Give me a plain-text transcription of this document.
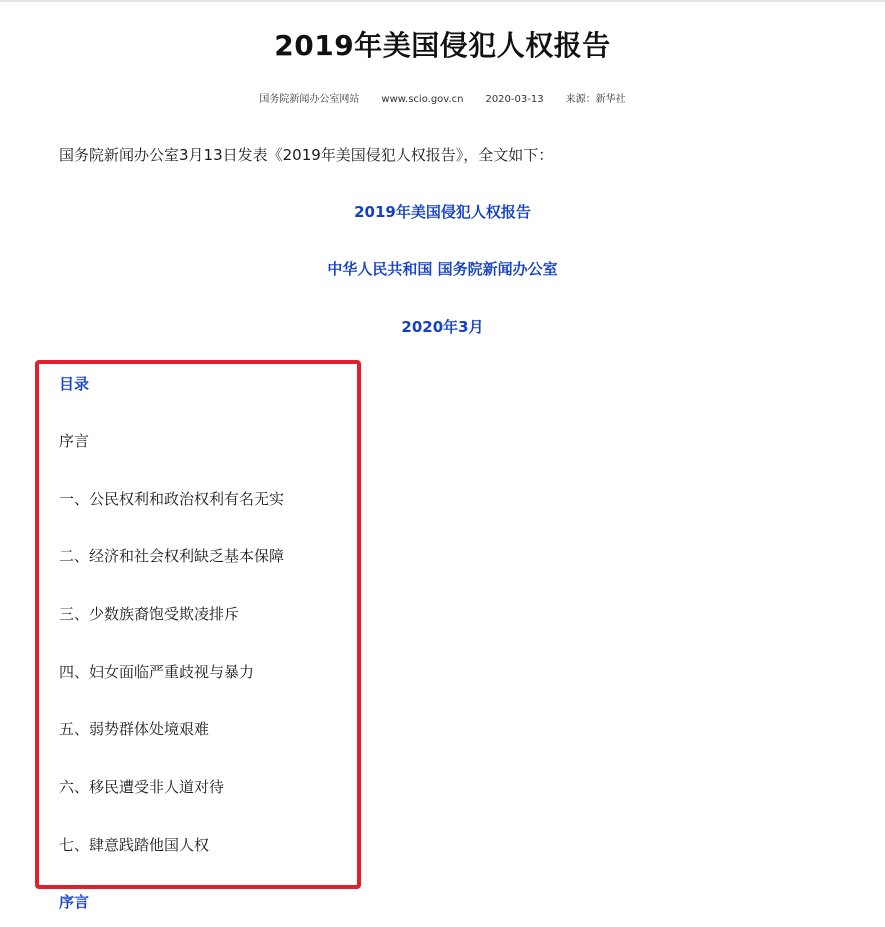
2019年美国侵犯人权报告
国务院新闻办公室网站 www.scio.gov.cn 2020-03-13 来源：新华社

国务院新闻办公室3月13日发表《2019年美国侵犯人权报告》，全文如下：

2019年美国侵犯人权报告
中华人民共和国 国务院新闻办公室
2020年3月
目录
序言
一、公民权利和政治权利有名无实
二、经济和社会权利缺乏基本保障
三、少数族裔饱受欺凌排斥
四、妇女面临严重歧视与暴力
五、弱势群体处境艰难
六、移民遭受非人道对待
七、肆意践踏他国人权
序言
